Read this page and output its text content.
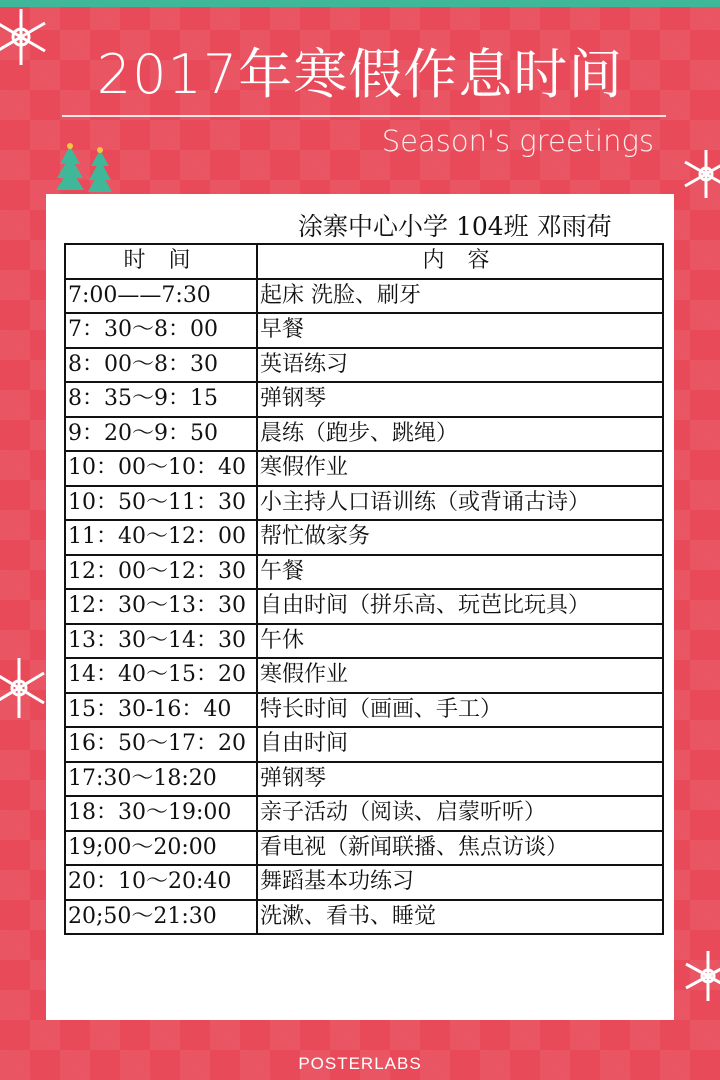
2017年寒假作息时间
Season's greetings
涂寨中心小学 104班 邓雨荷
时 间	内 容
7:00——7:30	起床 洗脸、刷牙
7：30～8：00	早餐
8：00～8：30	英语练习
8：35～9：15	弹钢琴
9：20～9：50	晨练（跑步、跳绳）
10：00～10：40	寒假作业
10：50～11：30	小主持人口语训练（或背诵古诗）
11：40～12：00	帮忙做家务
12：00～12：30	午餐
12：30～13：30	自由时间（拼乐高、玩芭比玩具）
13：30～14：30	午休
14：40～15：20	寒假作业
15：30-16：40	特长时间（画画、手工）
16：50～17：20	自由时间
17:30～18:20	弹钢琴
18：30～19:00	亲子活动（阅读、启蒙听听）
19;00～20:00	看电视（新闻联播、焦点访谈）
20：10～20:40	舞蹈基本功练习
20;50～21:30	洗漱、看书、睡觉
POSTERLABS
